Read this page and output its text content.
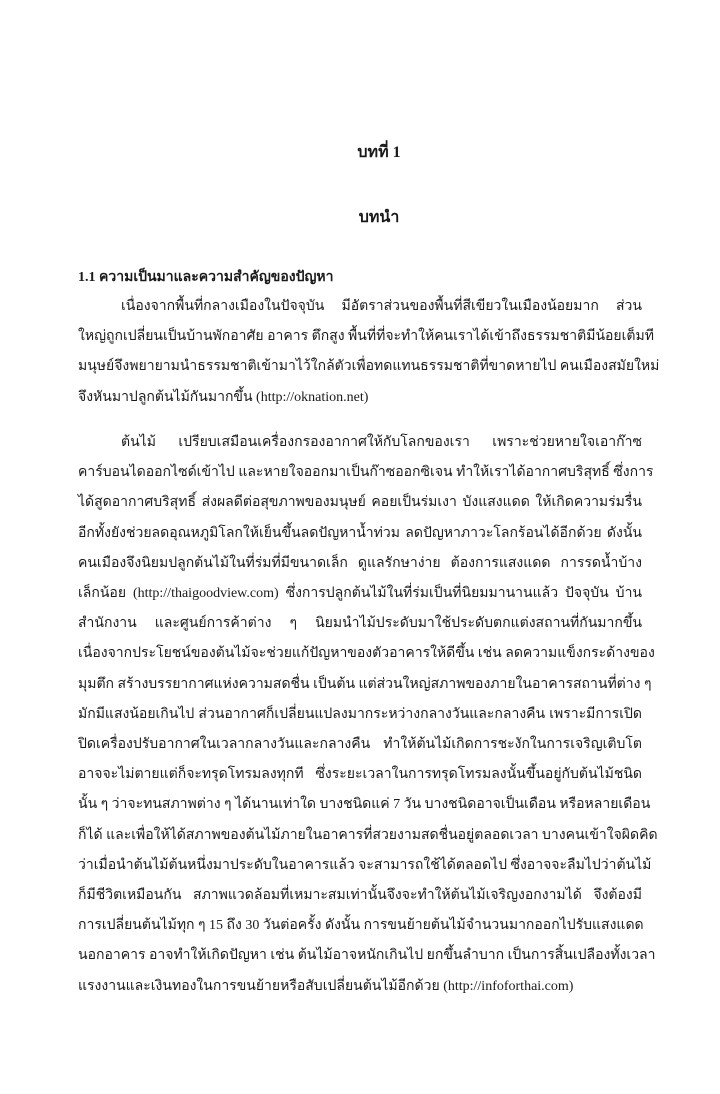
บทที่ 1
บทนำ
1.1 ความเป็นมาและความสำคัญของปัญหา
เนื่องจากพื้นที่กลางเมืองในปัจจุบัน มีอัตราส่วนของพื้นที่สีเขียวในเมืองน้อยมาก ส่วน
ใหญ่ถูกเปลี่ยนเป็นบ้านพักอาศัย อาคาร ตึกสูง พื้นที่ที่จะทำให้คนเราได้เข้าถึงธรรมชาติมีน้อยเต็มที
มนุษย์จึงพยายามนำธรรมชาติเข้ามาไว้ใกล้ตัวเพื่อทดแทนธรรมชาติที่ขาดหายไป คนเมืองสมัยใหม่
จึงหันมาปลูกต้นไม้กันมากขึ้น (http://oknation.net)
ต้นไม้ เปรียบเสมือนเครื่องกรองอากาศให้กับโลกของเรา เพราะช่วยหายใจเอาก๊าซ
คาร์บอนไดออกไซด์เข้าไป และหายใจออกมาเป็นก๊าซออกซิเจน ทำให้เราได้อากาศบริสุทธิ์ ซึ่งการ
ได้สูดอากาศบริสุทธิ์ ส่งผลดีต่อสุขภาพของมนุษย์ คอยเป็นร่มเงา บังแสงแดด ให้เกิดความร่มรื่น
อีกทั้งยังช่วยลดอุณหภูมิโลกให้เย็นขึ้นลดปัญหาน้ำท่วม ลดปัญหาภาวะโลกร้อนได้อีกด้วย ดังนั้น
คนเมืองจึงนิยมปลูกต้นไม้ในที่ร่มที่มีขนาดเล็ก ดูแลรักษาง่าย ต้องการแสงแดด การรดน้ำบ้าง
เล็กน้อย (http://thaigoodview.com) ซึ่งการปลูกต้นไม้ในที่ร่มเป็นที่นิยมมานานแล้ว ปัจจุบัน บ้าน
สำนักงาน และศูนย์การค้าต่าง ๆ นิยมนำไม้ประดับมาใช้ประดับตกแต่งสถานที่กันมากขึ้น
เนื่องจากประโยชน์ของต้นไม้จะช่วยแก้ปัญหาของตัวอาคารให้ดีขึ้น เช่น ลดความแข็งกระด้างของ
มุมตึก สร้างบรรยากาศแห่งความสดชื่น เป็นต้น แต่ส่วนใหญ่สภาพของภายในอาคารสถานที่ต่าง ๆ
มักมีแสงน้อยเกินไป ส่วนอากาศก็เปลี่ยนแปลงมากระหว่างกลางวันและกลางคืน เพราะมีการเปิด
ปิดเครื่องปรับอากาศในเวลากลางวันและกลางคืน ทำให้ต้นไม้เกิดการชะงักในการเจริญเติบโต
อาจจะไม่ตายแต่ก็จะทรุดโทรมลงทุกที ซึ่งระยะเวลาในการทรุดโทรมลงนั้นขึ้นอยู่กับต้นไม้ชนิด
นั้น ๆ ว่าจะทนสภาพต่าง ๆ ได้นานเท่าใด บางชนิดแค่ 7 วัน บางชนิดอาจเป็นเดือน หรือหลายเดือน
ก็ได้ และเพื่อให้ได้สภาพของต้นไม้ภายในอาคารที่สวยงามสดชื่นอยู่ตลอดเวลา บางคนเข้าใจผิดคิด
ว่าเมื่อนำต้นไม้ต้นหนึ่งมาประดับในอาคารแล้ว จะสามารถใช้ได้ตลอดไป ซึ่งอาจจะลืมไปว่าต้นไม้
ก็มีชีวิตเหมือนกัน สภาพแวดล้อมที่เหมาะสมเท่านั้นจึงจะทำให้ต้นไม้เจริญงอกงามได้ จึงต้องมี
การเปลี่ยนต้นไม้ทุก ๆ 15 ถึง 30 วันต่อครั้ง ดังนั้น การขนย้ายต้นไม้จำนวนมากออกไปรับแสงแดด
นอกอาคาร อาจทำให้เกิดปัญหา เช่น ต้นไม้อาจหนักเกินไป ยกขึ้นลำบาก เป็นการสิ้นเปลืองทั้งเวลา
แรงงานและเงินทองในการขนย้ายหรือสับเปลี่ยนต้นไม้อีกด้วย (http://infoforthai.com)
